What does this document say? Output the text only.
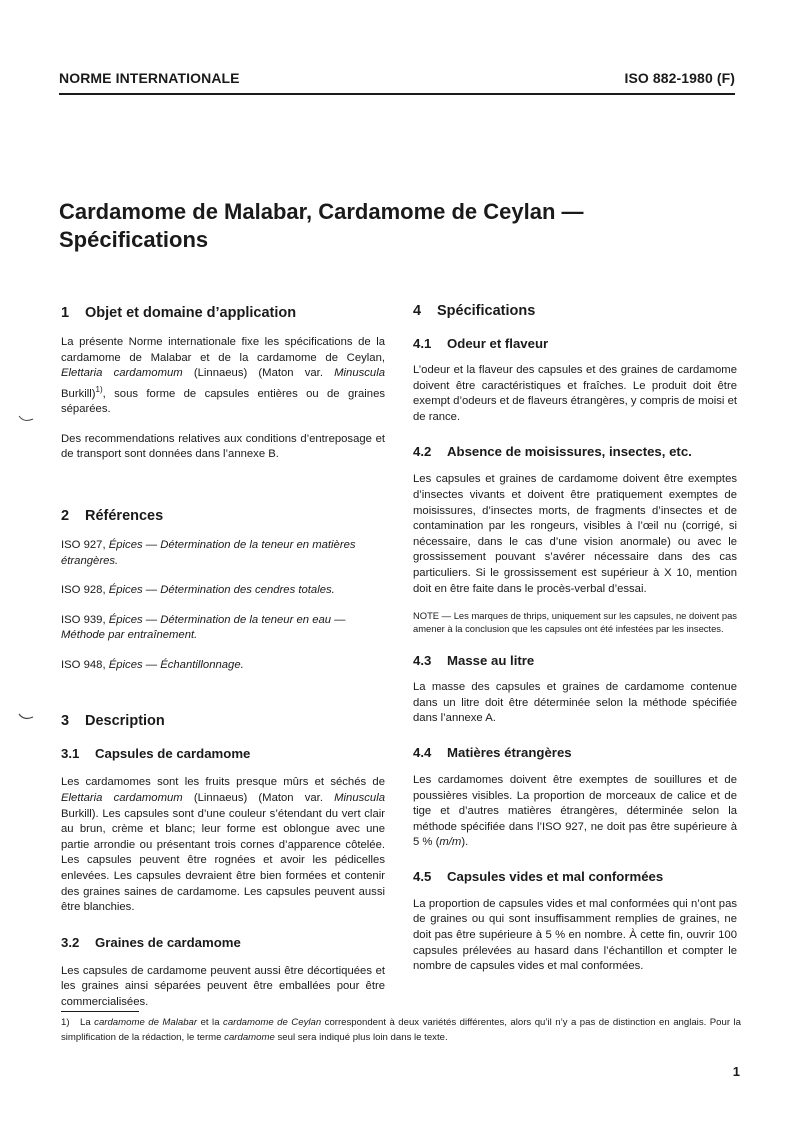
NORME INTERNATIONALE	ISO 882-1980 (F)
Cardamome de Malabar, Cardamome de Ceylan —
Spécifications
1	Objet et domaine d’application

La présente Norme internationale fixe les spécifications de la cardamome de Malabar et de la cardamome de Ceylan, Elettaria cardamomum (Linnaeus) (Maton var. Minuscula Burkill)$^{1)}$, sous forme de capsules entières ou de graines séparées.

Des recommendations relatives aux conditions d’entreposage et de transport sont données dans l’annexe B.

2	Références

ISO 927, Épices — Détermination de la teneur en matières étrangères.

ISO 928, Épices — Détermination des cendres totales.

ISO 939, Épices — Détermination de la teneur en eau — Méthode par entraînement.

ISO 948, Épices — Échantillonnage.

3	Description
3.1	Capsules de cardamome

Les cardamomes sont les fruits presque mûrs et séchés de Elettaria cardamomum (Linnaeus) (Maton var. Minuscula Burkill). Les capsules sont d’une couleur s’étendant du vert clair au brun, crème et blanc; leur forme est oblongue avec une partie arrondie ou présentant trois cornes d’apparence côtelée. Les capsules peuvent être rognées et avoir les pédicelles enlevées. Les capsules devraient être bien formées et contenir des graines saines de cardamome. Les capsules peuvent aussi être blanchies.

3.2	Graines de cardamome

Les capsules de cardamome peuvent aussi être décortiquées et les graines ainsi séparées peuvent être emballées pour être commercialisées.

4	Spécifications
4.1	Odeur et flaveur

L’odeur et la flaveur des capsules et des graines de cardamome doivent être caractéristiques et fraîches. Le produit doit être exempt d’odeurs et de flaveurs étrangères, y compris de moisi et de rance.

4.2	Absence de moisissures, insectes, etc.

Les capsules et graines de cardamome doivent être exemptes d’insectes vivants et doivent être pratiquement exemptes de moisissures, d’insectes morts, de fragments d’insectes et de contamination par les rongeurs, visibles à l’œil nu (corrigé, si nécessaire, dans le cas d’une vision anormale) ou avec le grossissement pouvant s’avérer nécessaire dans des cas particuliers. Si le grossissement est supérieur à X 10, mention doit en être faite dans le procès-verbal d’essai.

NOTE — Les marques de thrips, uniquement sur les capsules, ne doivent pas amener à la conclusion que les capsules ont été infestées par les insectes.

4.3	Masse au litre

La masse des capsules et graines de cardamome contenue dans un litre doit être déterminée selon la méthode spécifiée dans l’annexe A.

4.4	Matières étrangères

Les cardamomes doivent être exemptes de souillures et de poussières visibles. La proportion de morceaux de calice et de tige et d’autres matières étrangères, déterminée selon la méthode spécifiée dans l’ISO 927, ne doit pas être supérieure à 5 % (m/m).

4.5	Capsules vides et mal conformées

La proportion de capsules vides et mal conformées qui n’ont pas de graines ou qui sont insuffisamment remplies de graines, ne doit pas être supérieure à 5 % en nombre. À cette fin, ouvrir 100 capsules prélevées au hasard dans l’échantillon et compter le nombre de capsules vides et mal conformées.

1) La cardamome de Malabar et la cardamome de Ceylan correspondent à deux variétés différentes, alors qu’il n’y a pas de distinction en anglais. Pour la simplification de la rédaction, le terme cardamome seul sera indiqué plus loin dans le texte.

1
